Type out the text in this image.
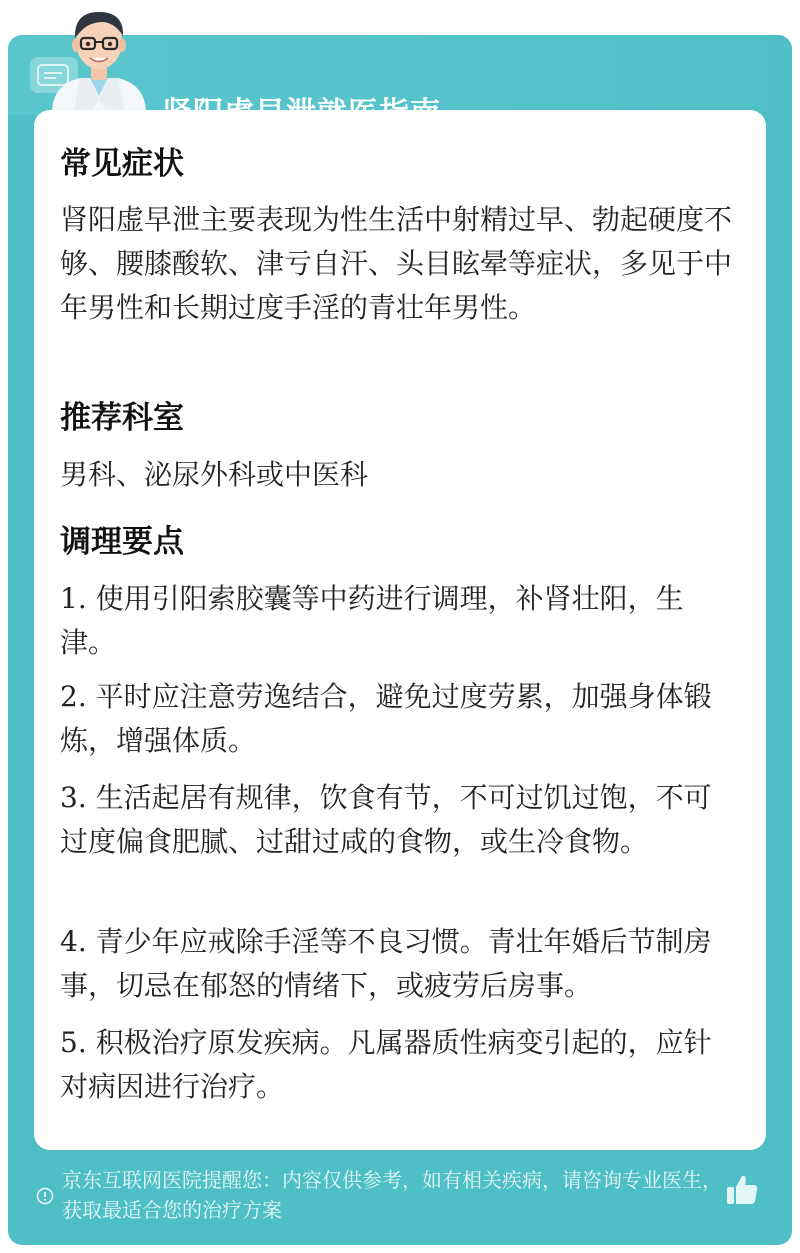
常见症状
肾阳虚早泄主要表现为性生活中射精过早、勃起硬度不够、腰膝酸软、津亏自汗、头目眩晕等症状，多见于中年男性和长期过度手淫的青壮年男性。
推荐科室
男科、泌尿外科或中医科
调理要点
1. 使用引阳索胶囊等中药进行调理，补肾壮阳，生津。
2. 平时应注意劳逸结合，避免过度劳累，加强身体锻炼，增强体质。
3. 生活起居有规律，饮食有节，不可过饥过饱，不可过度偏食肥腻、过甜过咸的食物，或生冷食物。
4. 青少年应戒除手淫等不良习惯。青壮年婚后节制房事，切忌在郁怒的情绪下，或疲劳后房事。
5. 积极治疗原发疾病。凡属器质性病变引起的，应针对病因进行治疗。
京东互联网医院提醒您：内容仅供参考，如有相关疾病，请咨询专业医生，获取最适合您的治疗方案
